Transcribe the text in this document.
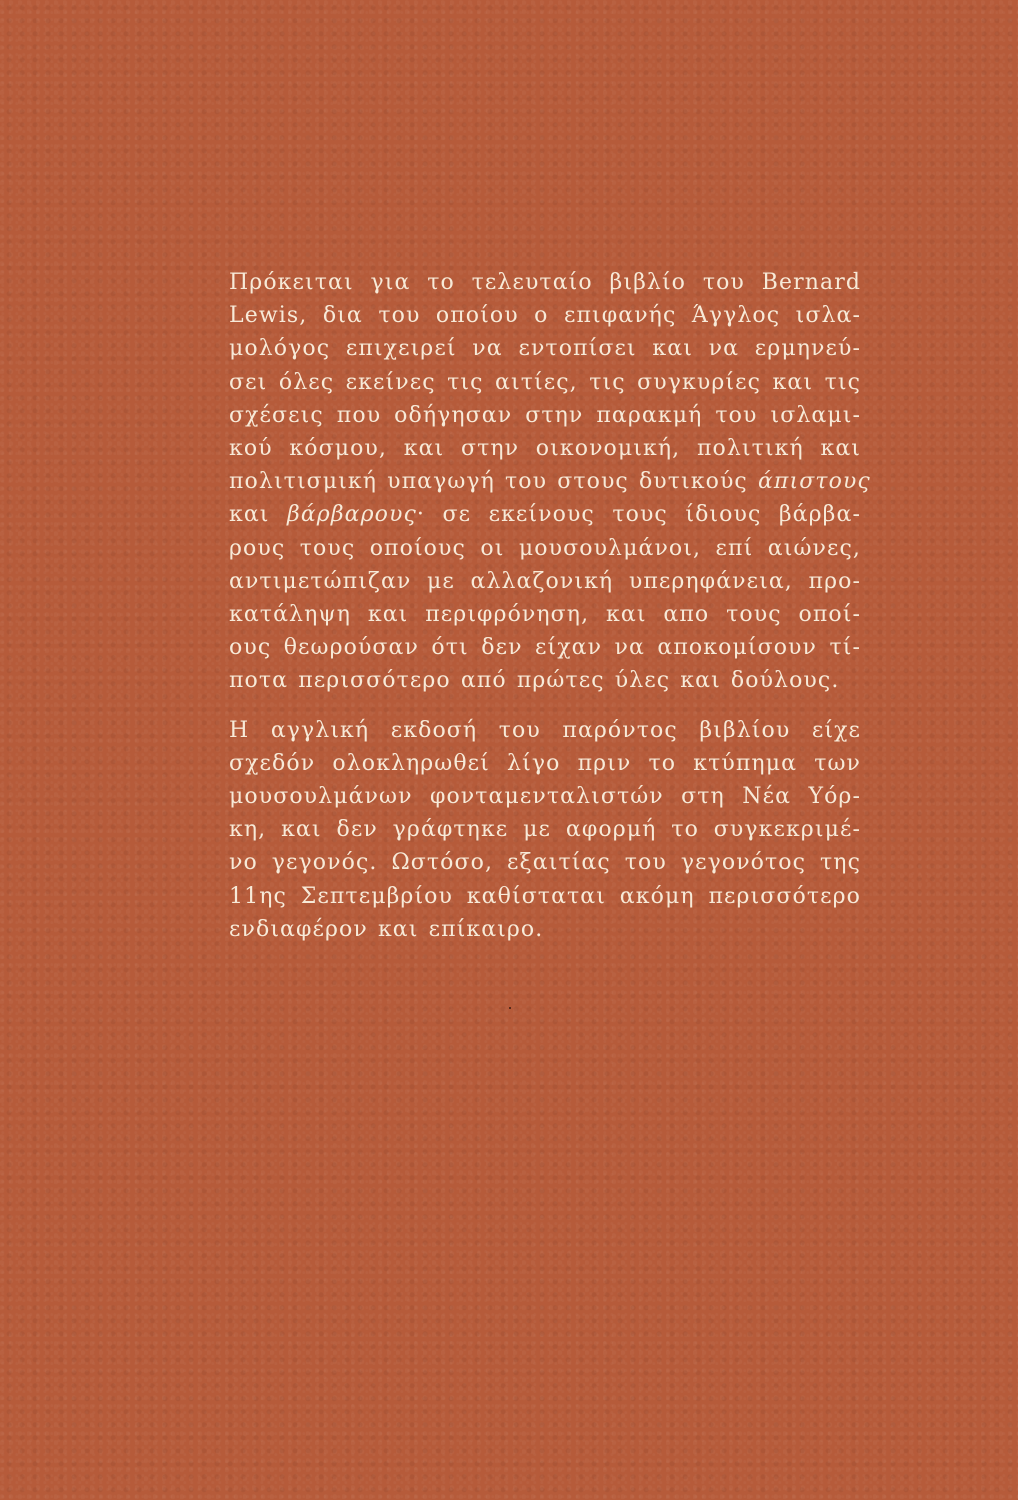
Πρόκειται για το τελευταίο βιβλίο του Bernard
Lewis, δια του οποίου ο επιφανής Άγγλος ισλα-
μολόγος επιχειρεί να εντοπίσει και να ερμηνεύ-
σει όλες εκείνες τις αιτίες, τις συγκυρίες και τις
σχέσεις που οδήγησαν στην παρακμή του ισλαμι-
κού κόσμου, και στην οικονομική, πολιτική και
πολιτισμική υπαγωγή του στους δυτικούς άπιστους
και βάρβαρους· σε εκείνους τους ίδιους βάρβα-
ρους τους οποίους οι μουσουλμάνοι, επί αιώνες,
αντιμετώπιζαν με αλλαζονική υπερηφάνεια, προ-
κατάληψη και περιφρόνηση, και απο τους οποί-
ους θεωρούσαν ότι δεν είχαν να αποκομίσουν τί-
ποτα περισσότερο από πρώτες ύλες και δούλους.

Η αγγλική εκδοσή του παρόντος βιβλίου είχε
σχεδόν ολοκληρωθεί λίγο πριν το κτύπημα των
μουσουλμάνων φονταμενταλιστών στη Νέα Υόρ-
κη, και δεν γράφτηκε με αφορμή το συγκεκριμέ-
νο γεγονός. Ωστόσο, εξαιτίας του γεγονότος της
11ης Σεπτεμβρίου καθίσταται ακόμη περισσότερο
ενδιαφέρον και επίκαιρο.
